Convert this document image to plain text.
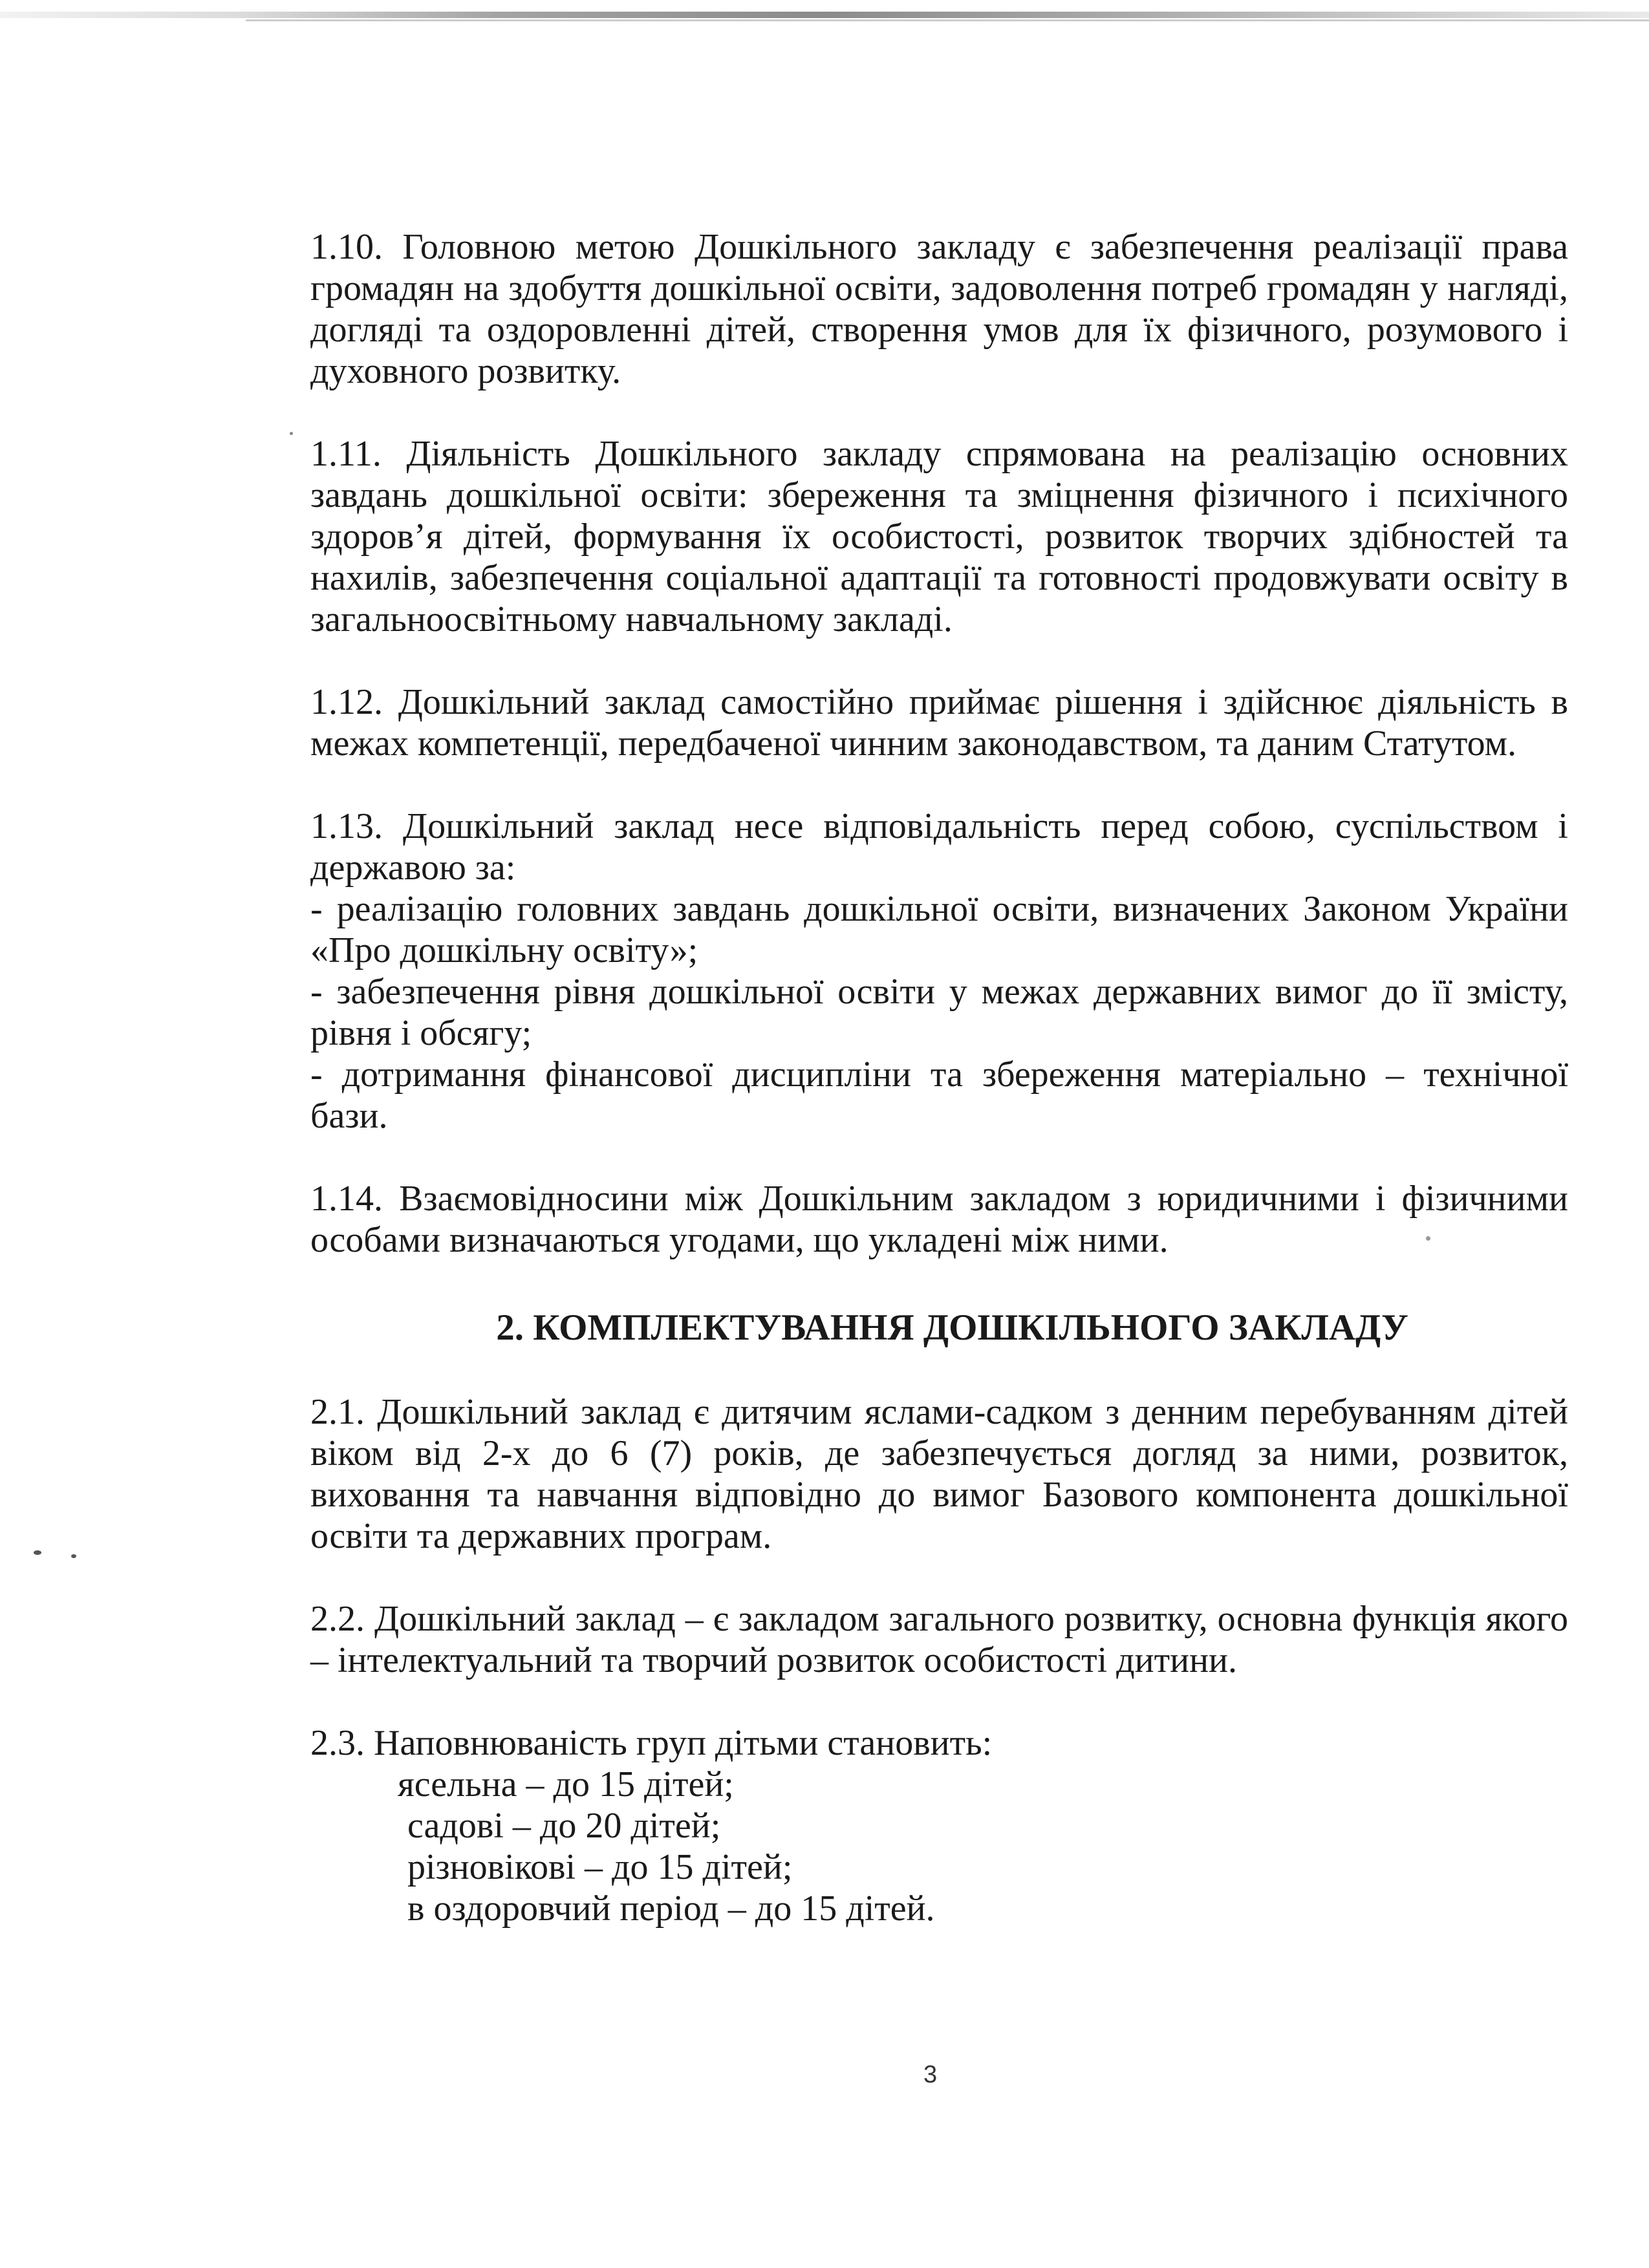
1.10. Головною метою Дошкільного закладу є забезпечення реалізації права громадян на здобуття дошкільної освіти, задоволення потреб громадян у нагляді, догляді та оздоровленні дітей, створення умов для їх фізичного, розумового і духовного розвитку.

1.11. Діяльність Дошкільного закладу спрямована на реалізацію основних завдань дошкільної освіти: збереження та зміцнення фізичного і психічного здоров’я дітей, формування їх особистості, розвиток творчих здібностей та нахилів, забезпечення соціальної адаптації та готовності продовжувати освіту в загальноосвітньому навчальному закладі.

1.12. Дошкільний заклад самостійно приймає рішення і здійснює діяльність в межах компетенції, передбаченої чинним законодавством, та даним Статутом.

1.13. Дошкільний заклад несе відповідальність перед собою, суспільством і державою за:

- реалізацію головних завдань дошкільної освіти, визначених Законом України «Про дошкільну освіту»;

- забезпечення рівня дошкільної освіти у межах державних вимог до її змісту, рівня і обсягу;

- дотримання фінансової дисципліни та збереження матеріально – технічної бази.

1.14. Взаємовідносини між Дошкільним закладом з юридичними і фізичними особами визначаються угодами, що укладені між ними.

2. КОМПЛЕКТУВАННЯ ДОШКІЛЬНОГО ЗАКЛАДУ

2.1. Дошкільний заклад є дитячим яслами-садком з денним перебуванням дітей віком від 2-х до 6 (7) років, де забезпечується догляд за ними, розвиток, виховання та навчання відповідно до вимог Базового компонента дошкільної освіти та державних програм.

2.2. Дошкільний заклад – є закладом загального розвитку, основна функція якого – інтелектуальний та творчий розвиток особистості дитини.

2.3. Наповнюваність груп дітьми становить:

ясельна – до 15 дітей;

садові – до 20 дітей;

різновікові – до 15 дітей;

в оздоровчий період – до 15 дітей.

3
